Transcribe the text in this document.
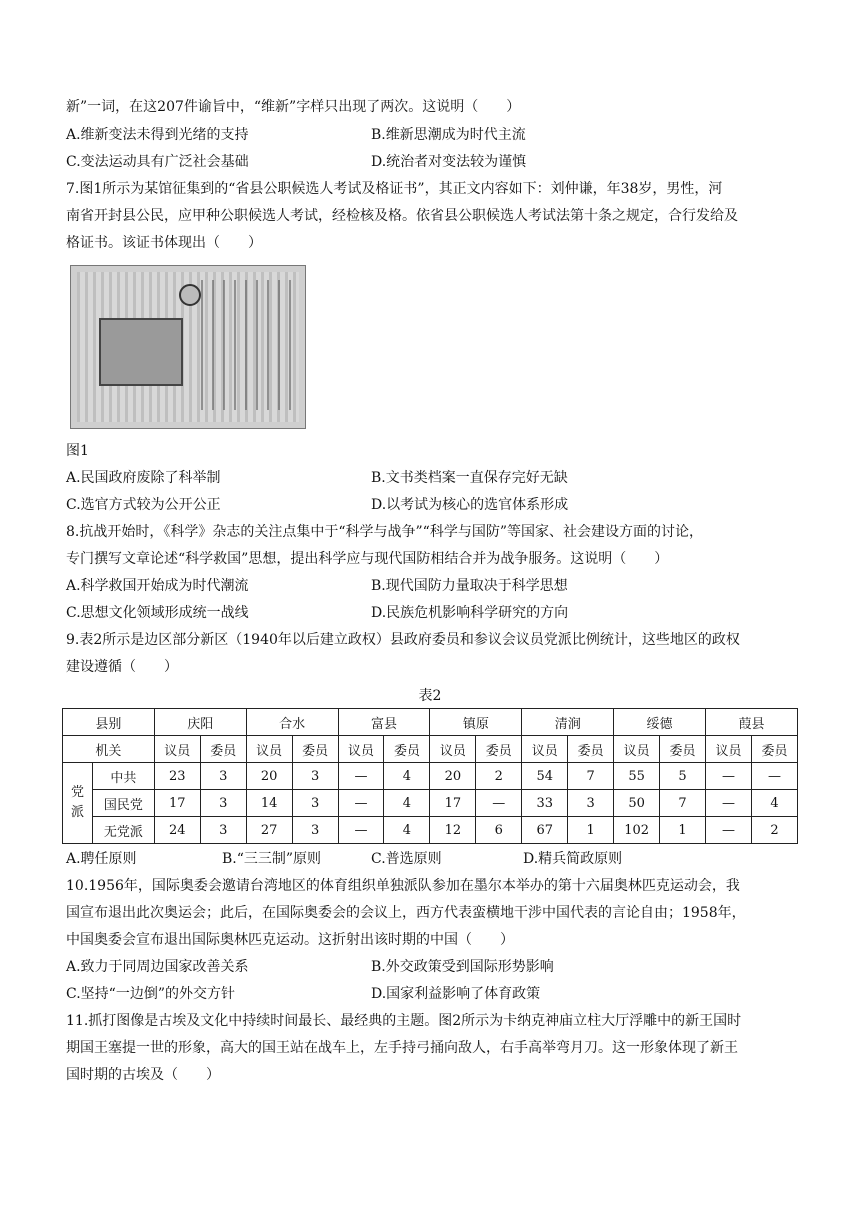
新”一词，在这207件谕旨中，“维新”字样只出现了两次。这说明（　　）
A.维新变法未得到光绪的支持	B.维新思潮成为时代主流
C.变法运动具有广泛社会基础	D.统治者对变法较为谨慎
7.图1所示为某馆征集到的“省县公职候选人考试及格证书”，其正文内容如下：刘仲谦，年38岁，男性，河
南省开封县公民，应甲种公职候选人考试，经检核及格。依省县公职候选人考试法第十条之规定，合行发给及
格证书。该证书体现出（　　）
图1
A.民国政府废除了科举制	B.文书类档案一直保存完好无缺
C.选官方式较为公开公正	D.以考试为核心的选官体系形成
8.抗战开始时，《科学》杂志的关注点集中于“科学与战争”“科学与国防”等国家、社会建设方面的讨论，
专门撰写文章论述“科学救国”思想，提出科学应与现代国防相结合并为战争服务。这说明（　　）
A.科学救国开始成为时代潮流	B.现代国防力量取决于科学思想
C.思想文化领域形成统一战线	D.民族危机影响科学研究的方向
9.表2所示是边区部分新区（1940年以后建立政权）县政府委员和参议会议员党派比例统计，这些地区的政权
建设遵循（　　）
表2
县别		庆阳		合水		富县		镇原		清涧		绥德		葭县	
机关		议员	委员	议员	委员	议员	委员	议员	委员	议员	委员	议员	委员	议员	委员
党
派	中共	23	3	20	3	—	4	20	2	54	7	55	5	—	—
	国民党	17	3	14	3	—	4	17	—	33	3	50	7	—	4
	无党派	24	3	27	3	—	4	12	6	67	1	102	1	—	2
A.聘任原则	B.“三三制”原则	C.普选原则	D.精兵简政原则
10.1956年，国际奥委会邀请台湾地区的体育组织单独派队参加在墨尔本举办的第十六届奥林匹克运动会，我
国宣布退出此次奥运会；此后，在国际奥委会的会议上，西方代表蛮横地干涉中国代表的言论自由；1958年，
中国奥委会宣布退出国际奥林匹克运动。这折射出该时期的中国（　　）
A.致力于同周边国家改善关系	B.外交政策受到国际形势影响
C.坚持“一边倒”的外交方针	D.国家利益影响了体育政策
11.抓打图像是古埃及文化中持续时间最长、最经典的主题。图2所示为卡纳克神庙立柱大厅浮雕中的新王国时
期国王塞提一世的形象，高大的国王站在战车上，左手持弓捅向敌人，右手高举弯月刀。这一形象体现了新王
国时期的古埃及（　　）
